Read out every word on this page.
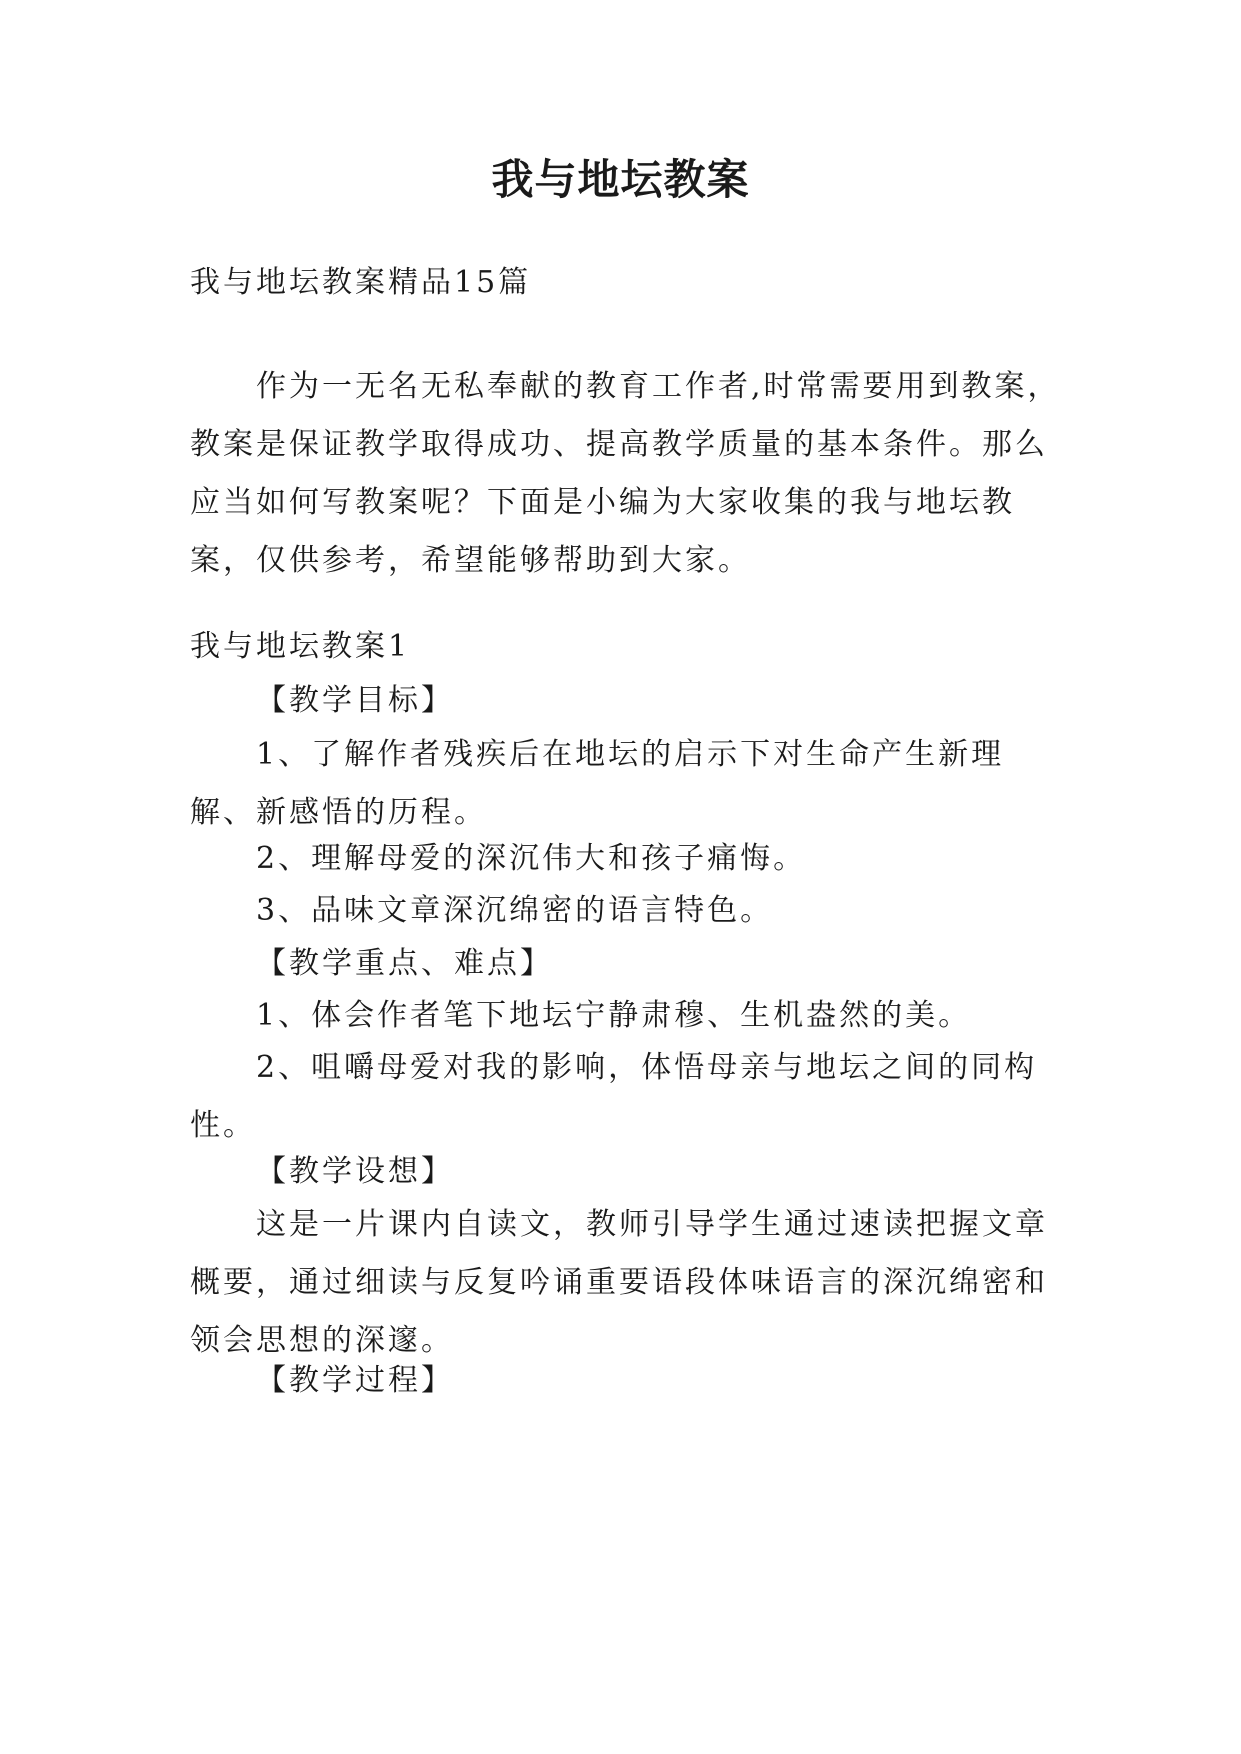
我与地坛教案

我与地坛教案精品15篇

作为一无名无私奉献的教育工作者,时常需要用到教案，教案是保证教学取得成功、提高教学质量的基本条件。那么应当如何写教案呢？下面是小编为大家收集的我与地坛教案，仅供参考，希望能够帮助到大家。

我与地坛教案1

【教学目标】

1、了解作者残疾后在地坛的启示下对生命产生新理解、新感悟的历程。

2、理解母爱的深沉伟大和孩子痛悔。

3、品味文章深沉绵密的语言特色。

【教学重点、难点】

1、体会作者笔下地坛宁静肃穆、生机盎然的美。

2、咀嚼母爱对我的影响，体悟母亲与地坛之间的同构性。

【教学设想】

这是一片课内自读文，教师引导学生通过速读把握文章概要，通过细读与反复吟诵重要语段体味语言的深沉绵密和领会思想的深邃。

【教学过程】
